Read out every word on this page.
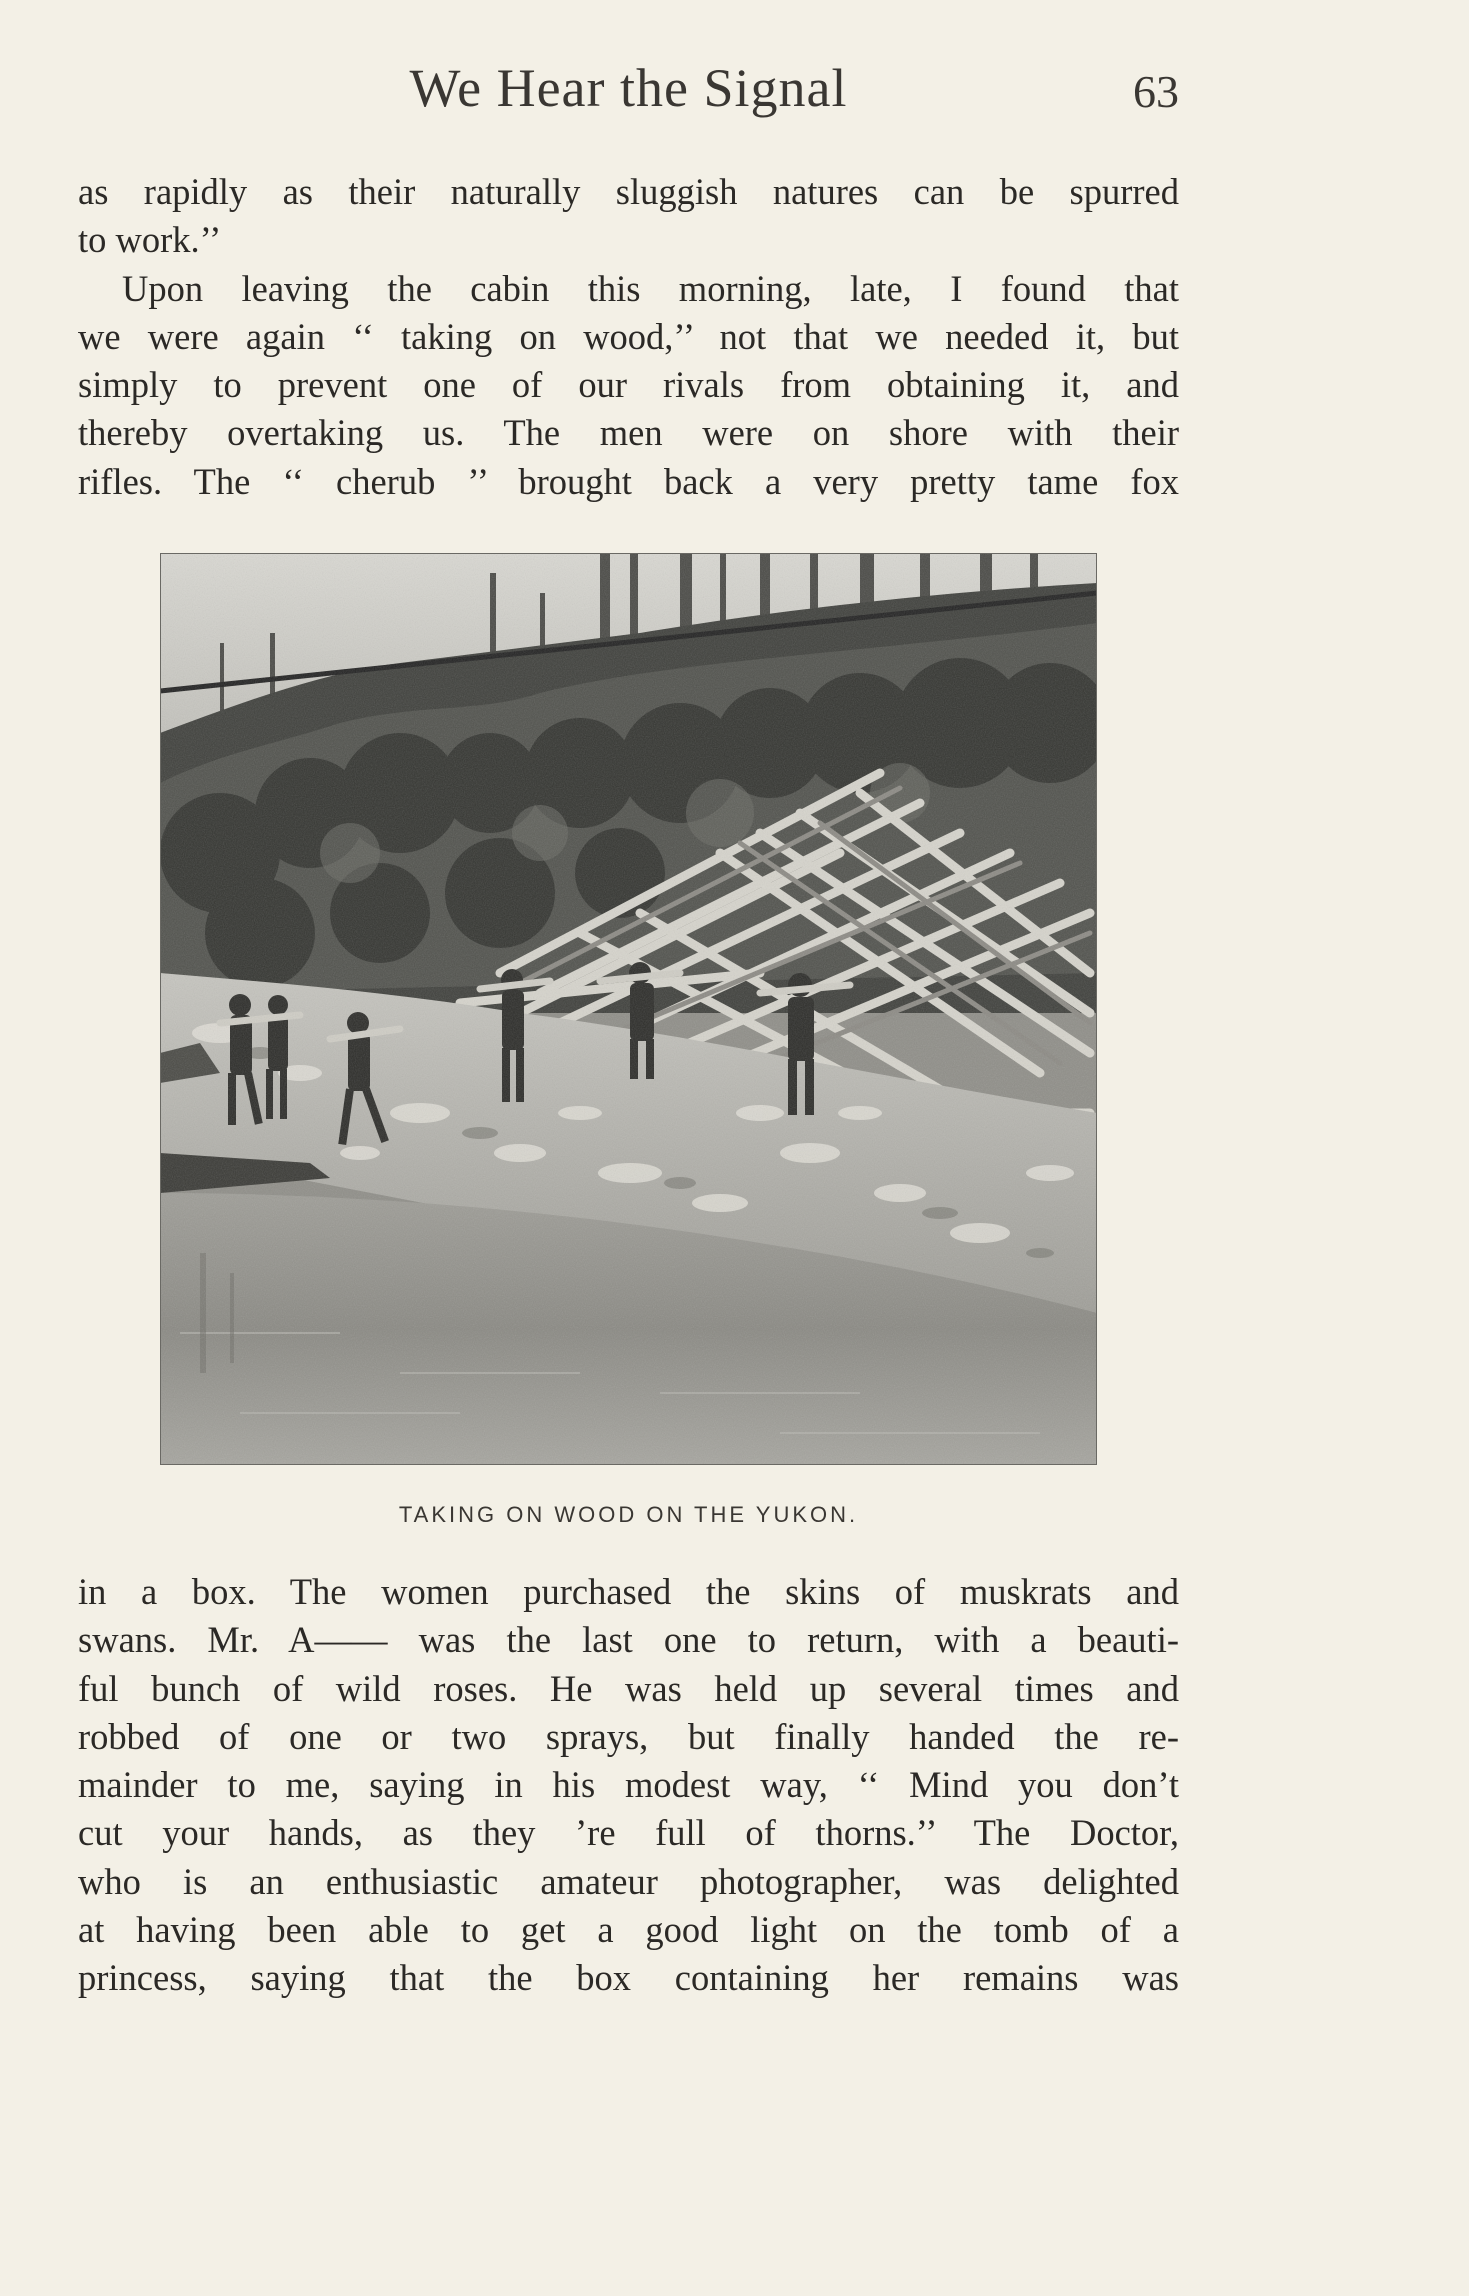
We Hear the Signal	63

as rapidly as their naturally sluggish natures can be spurred
to work.’’

Upon leaving the cabin this morning, late, I found that
we were again ‘‘ taking on wood,’’ not that we needed it, but
simply to prevent one of our rivals from obtaining it, and
thereby overtaking us. The men were on shore with their
rifles. The ‘‘ cherub ’’ brought back a very pretty tame fox

TAKING ON WOOD ON THE YUKON.

in a box. The women purchased the skins of muskrats and
swans. Mr. A—— was the last one to return, with a beauti-
ful bunch of wild roses. He was held up several times and
robbed of one or two sprays, but finally handed the re-
mainder to me, saying in his modest way, ‘‘ Mind you don’t
cut your hands, as they ’re full of thorns.’’ The Doctor,
who is an enthusiastic amateur photographer, was delighted
at having been able to get a good light on the tomb of a
princess, saying that the box containing her remains was
